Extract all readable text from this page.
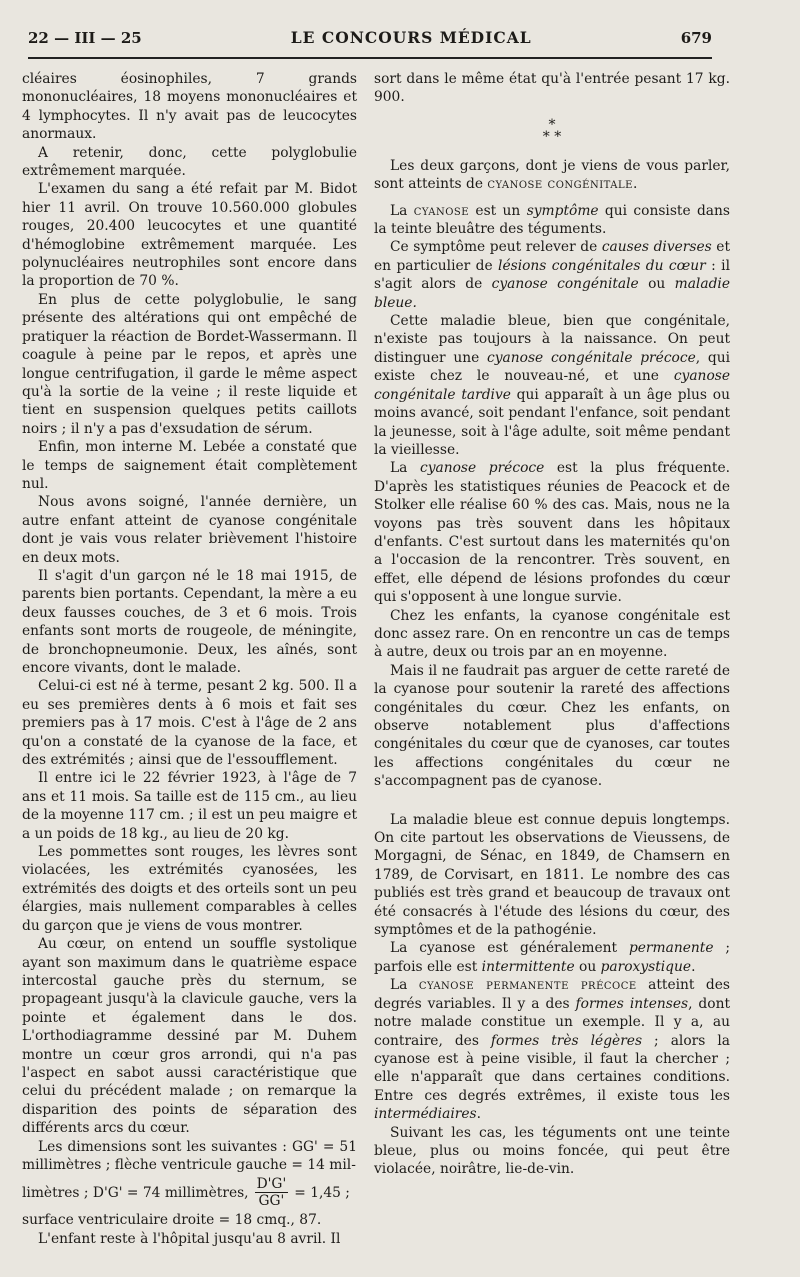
22 — III — 25	LE CONCOURS MÉDICAL	679

cléaires éosinophiles, 7 grands mononucléaires, 18 moyens mononucléaires et 4 lymphocytes. Il n'y avait pas de leucocytes anormaux.

A retenir, donc, cette polyglobulie extrêmement marquée.

L'examen du sang a été refait par M. Bidot hier 11 avril. On trouve 10.560.000 globules rouges, 20.400 leucocytes et une quantité d'hémoglobine extrêmement marquée. Les polynucléaires neutrophiles sont encore dans la proportion de 70 %.

En plus de cette polyglobulie, le sang présente des altérations qui ont empêché de pratiquer la réaction de Bordet-Wassermann. Il coagule à peine par le repos, et après une longue centrifugation, il garde le même aspect qu'à la sortie de la veine ; il reste liquide et tient en suspension quelques petits caillots noirs ; il n'y a pas d'exsudation de sérum.

Enfin, mon interne M. Lebée a constaté que le temps de saignement était complètement nul.

Nous avons soigné, l'année dernière, un autre enfant atteint de cyanose congénitale dont je vais vous relater brièvement l'histoire en deux mots.

Il s'agit d'un garçon né le 18 mai 1915, de parents bien portants. Cependant, la mère a eu deux fausses couches, de 3 et 6 mois. Trois enfants sont morts de rougeole, de méningite, de bronchopneumonie. Deux, les aînés, sont encore vivants, dont le malade.

Celui-ci est né à terme, pesant 2 kg. 500. Il a eu ses premières dents à 6 mois et fait ses premiers pas à 17 mois. C'est à l'âge de 2 ans qu'on a constaté de la cyanose de la face, et des extrémités ; ainsi que de l'essoufflement.

Il entre ici le 22 février 1923, à l'âge de 7 ans et 11 mois. Sa taille est de 115 cm., au lieu de la moyenne 117 cm. ; il est un peu maigre et a un poids de 18 kg., au lieu de 20 kg.

Les pommettes sont rouges, les lèvres sont violacées, les extrémités cyanosées, les extrémités des doigts et des orteils sont un peu élargies, mais nullement comparables à celles du garçon que je viens de vous montrer.

Au cœur, on entend un souffle systolique ayant son maximum dans le quatrième espace intercostal gauche près du sternum, se propageant jusqu'à la clavicule gauche, vers la pointe et également dans le dos. L'orthodiagramme dessiné par M. Duhem montre un cœur gros arrondi, qui n'a pas l'aspect en sabot aussi caractéristique que celui du précédent malade ; on remarque la disparition des points de séparation des différents arcs du cœur.

Les dimensions sont les suivantes : GG' = 51 millimètres ; flèche ventricule gauche = 14 mil-

limètres ; D'G' = 74 millimètres, $\frac{D'G'}{GG'} = 1,45$ ;

surface ventriculaire droite = 18 cmq., 87.

L'enfant reste à l'hôpital jusqu'au 8 avril. Il

sort dans le même état qu'à l'entrée pesant 17 kg. 900.

*
* *

Les deux garçons, dont je viens de vous parler, sont atteints de cyanose congénitale.

La cyanose est un symptôme qui consiste dans la teinte bleuâtre des téguments.

Ce symptôme peut relever de causes diverses et en particulier de lésions congénitales du cœur : il s'agit alors de cyanose congénitale ou maladie bleue.

Cette maladie bleue, bien que congénitale, n'existe pas toujours à la naissance. On peut distinguer une cyanose congénitale précoce, qui existe chez le nouveau-né, et une cyanose congénitale tardive qui apparaît à un âge plus ou moins avancé, soit pendant l'enfance, soit pendant la jeunesse, soit à l'âge adulte, soit même pendant la vieillesse.

La cyanose précoce est la plus fréquente. D'après les statistiques réunies de Peacock et de Stolker elle réalise 60 % des cas. Mais, nous ne la voyons pas très souvent dans les hôpitaux d'enfants. C'est surtout dans les maternités qu'on a l'occasion de la rencontrer. Très souvent, en effet, elle dépend de lésions profondes du cœur qui s'opposent à une longue survie.

Chez les enfants, la cyanose congénitale est donc assez rare. On en rencontre un cas de temps à autre, deux ou trois par an en moyenne.

Mais il ne faudrait pas arguer de cette rareté de la cyanose pour soutenir la rareté des affections congénitales du cœur. Chez les enfants, on observe notablement plus d'affections congénitales du cœur que de cyanoses, car toutes les affections congénitales du cœur ne s'accompagnent pas de cyanose.

La maladie bleue est connue depuis longtemps. On cite partout les observations de Vieussens, de Morgagni, de Sénac, en 1849, de Chamsern en 1789, de Corvisart, en 1811. Le nombre des cas publiés est très grand et beaucoup de travaux ont été consacrés à l'étude des lésions du cœur, des symptômes et de la pathogénie.

La cyanose est généralement permanente ; parfois elle est intermittente ou paroxystique.

La cyanose permanente précoce atteint des degrés variables. Il y a des formes intenses, dont notre malade constitue un exemple. Il y a, au contraire, des formes très légères ; alors la cyanose est à peine visible, il faut la chercher ; elle n'apparaît que dans certaines conditions. Entre ces degrés extrêmes, il existe tous les intermédiaires.

Suivant les cas, les téguments ont une teinte bleue, plus ou moins foncée, qui peut être violacée, noirâtre, lie-de-vin.
